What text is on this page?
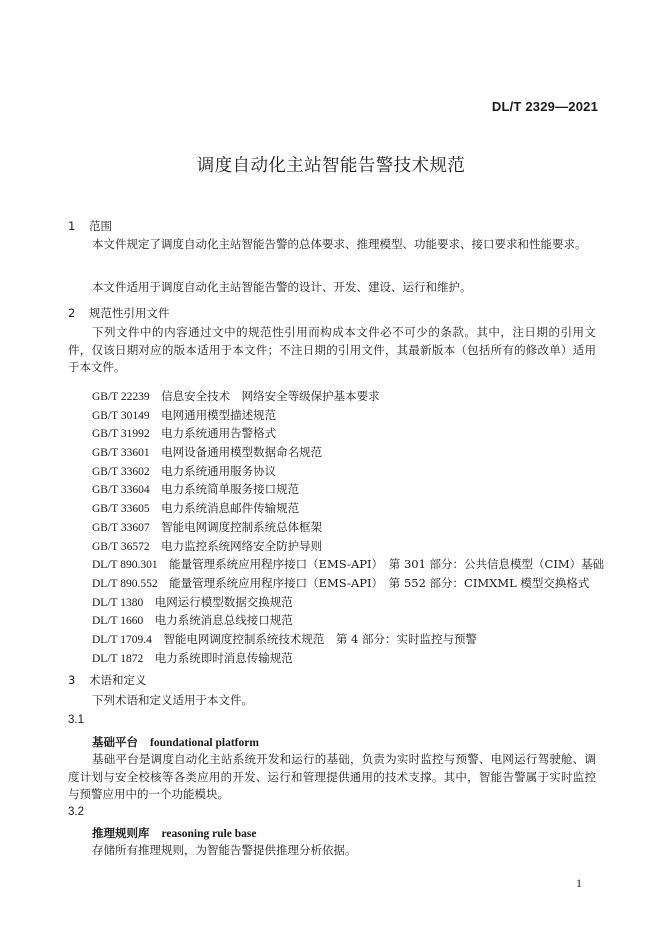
DL/T 2329—2021
调度自动化主站智能告警技术规范
1 范围

本文件规定了调度自动化主站智能告警的总体要求、推理模型、功能要求、接口要求和性能要求。

本文件适用于调度自动化主站智能告警的设计、开发、建设、运行和维护。

2 规范性引用文件

下列文件中的内容通过文中的规范性引用而构成本文件必不可少的条款。其中，注日期的引用文件，仅该日期对应的版本适用于本文件；不注日期的引用文件，其最新版本（包括所有的修改单）适用于本文件。

GB/T 22239　 信息安全技术　网络安全等级保护基本要求
GB/T 30149　 电网通用模型描述规范
GB/T 31992　 电力系统通用告警格式
GB/T 33601　 电网设备通用模型数据命名规范
GB/T 33602　 电力系统通用服务协议
GB/T 33604　 电力系统简单服务接口规范
GB/T 33605　 电力系统消息邮件传输规范
GB/T 33607　 智能电网调度控制系统总体框架
GB/T 36572　 电力监控系统网络安全防护导则
DL/T 890.301　 能量管理系统应用程序接口（EMS-API）　第 301 部分：公共信息模型（CIM）基础
DL/T 890.552　 能量管理系统应用程序接口（EMS-API）　第 552 部分：CIMXML 模型交换格式
DL/T 1380　 电网运行模型数据交换规范
DL/T 1660　 电力系统消息总线接口规范
DL/T 1709.4　 智能电网调度控制系统技术规范　第 4 部分：实时监控与预警
DL/T 1872　 电力系统即时消息传输规范
3 术语和定义

下列术语和定义适用于本文件。

3.1
基础平台 foundational platform

基础平台是调度自动化主站系统开发和运行的基础，负责为实时监控与预警、电网运行驾驶舱、调度计划与安全校核等各类应用的开发、运行和管理提供通用的技术支撑。其中，智能告警属于实时监控与预警应用中的一个功能模块。

3.2
推理规则库 reasoning rule base

存储所有推理规则，为智能告警提供推理分析依据。

1
